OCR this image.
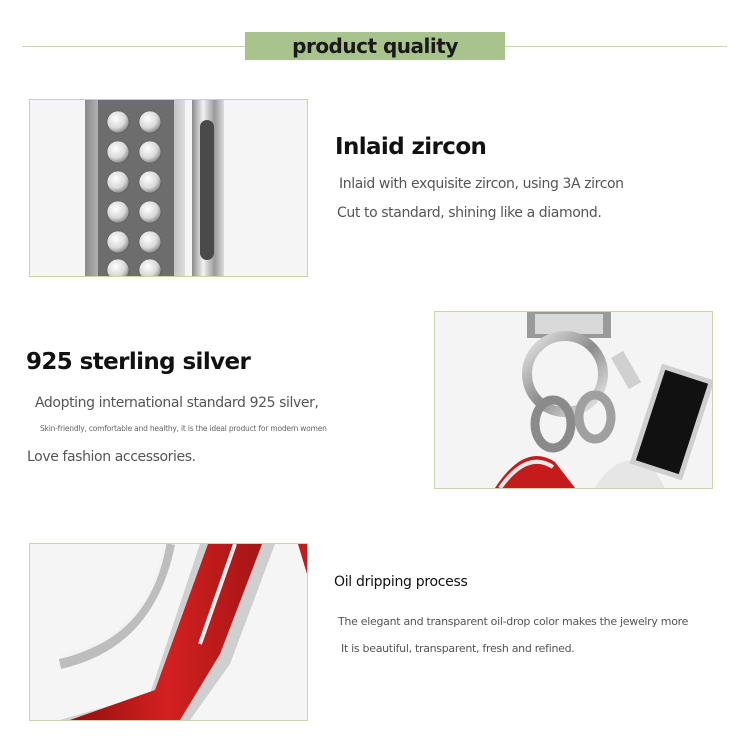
product quality
Inlaid zircon
Inlaid with exquisite zircon, using 3A zircon
Cut to standard, shining like a diamond.
925 sterling silver
Adopting international standard 925 silver,
Skin-friendly, comfortable and healthy, it is the ideal product for modern women
Love fashion accessories.
Oil dripping process
The elegant and transparent oil-drop color makes the jewelry more
It is beautiful, transparent, fresh and refined.
